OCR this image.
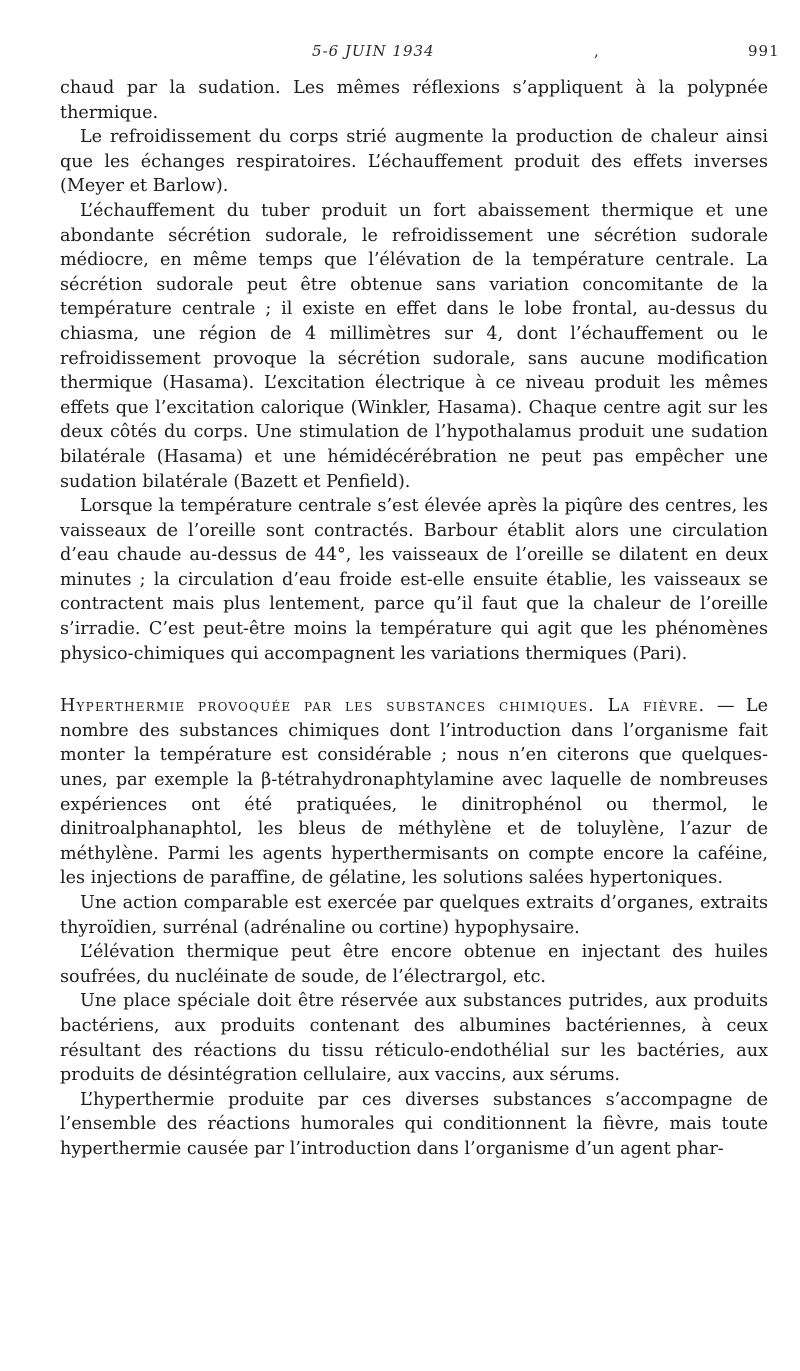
5-6 JUIN 1934	,	991

chaud par la sudation. Les mêmes réflexions s’appliquent à la polypnée thermique.

Le refroidissement du corps strié augmente la production de chaleur ainsi que les échanges respiratoires. L’échauffement produit des effets inverses (Meyer et Barlow).

L’échauffement du tuber produit un fort abaissement thermique et une abondante sécrétion sudorale, le refroidissement une sécrétion sudorale médiocre, en même temps que l’élévation de la température centrale. La sécrétion sudorale peut être obtenue sans variation concomitante de la température centrale ; il existe en effet dans le lobe frontal, au-dessus du chiasma, une région de 4 millimètres sur 4, dont l’échauffement ou le refroidissement provoque la sécrétion sudorale, sans aucune modification thermique (Hasama). L’excitation électrique à ce niveau produit les mêmes effets que l’excitation calorique (Winkler, Hasama). Chaque centre agit sur les deux côtés du corps. Une stimulation de l’hypothalamus produit une sudation bilatérale (Hasama) et une hémidécérébration ne peut pas empêcher une sudation bilatérale (Bazett et Penfield).

Lorsque la température centrale s’est élevée après la piqûre des centres, les vaisseaux de l’oreille sont contractés. Barbour établit alors une circulation d’eau chaude au-dessus de 44°, les vaisseaux de l’oreille se dilatent en deux minutes ; la circulation d’eau froide est-elle ensuite établie, les vaisseaux se contractent mais plus lentement, parce qu’il faut que la chaleur de l’oreille s’irradie. C’est peut-être moins la température qui agit que les phénomènes physico-chimiques qui accompagnent les variations thermiques (Pari).

Hyperthermie provoquée par les substances chimiques. La fièvre. — Le nombre des substances chimiques dont l’introduction dans l’organisme fait monter la température est considérable ; nous n’en citerons que quelques-unes, par exemple la β-tétrahydronaphtylamine avec laquelle de nombreuses expériences ont été pratiquées, le dinitrophénol ou thermol, le dinitroalphanaphtol, les bleus de méthylène et de toluylène, l’azur de méthylène. Parmi les agents hyperthermisants on compte encore la caféine, les injections de paraffine, de gélatine, les solutions salées hypertoniques.

Une action comparable est exercée par quelques extraits d’organes, extraits thyroïdien, surrénal (adrénaline ou cortine) hypophysaire.

L’élévation thermique peut être encore obtenue en injectant des huiles soufrées, du nucléinate de soude, de l’électrargol, etc.

Une place spéciale doit être réservée aux substances putrides, aux produits bactériens, aux produits contenant des albumines bactériennes, à ceux résultant des réactions du tissu réticulo-endothélial sur les bactéries, aux produits de désintégration cellulaire, aux vaccins, aux sérums.

L’hyperthermie produite par ces diverses substances s’accompagne de l’ensemble des réactions humorales qui conditionnent la fièvre, mais toute hyperthermie causée par l’introduction dans l’organisme d’un agent phar-
